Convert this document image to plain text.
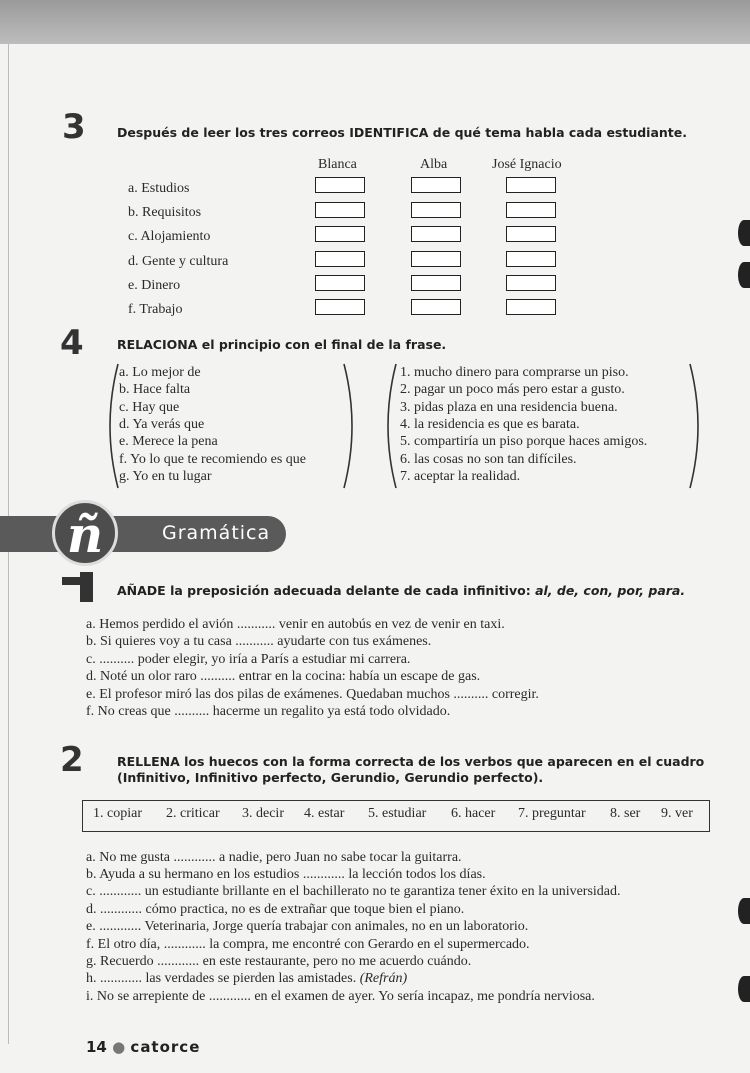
3	Después de leer los tres correos IDENTIFICA de qué tema habla cada estudiante.
Blanca	Alba	José Ignacio
a. Estudios
b. Requisitos
c. Alojamiento
d. Gente y cultura
e. Dinero
f. Trabajo
4	RELACIONA el principio con el final de la frase.
a. Lo mejor de
b. Hace falta
c. Hay que
d. Ya verás que
e. Merece la pena
f. Yo lo que te recomiendo es que
g. Yo en tu lugar
1. mucho dinero para comprarse un piso.
2. pagar un poco más pero estar a gusto.
3. pidas plaza en una residencia buena.
4. la residencia es que es barata.
5. compartiría un piso porque haces amigos.
6. las cosas no son tan difíciles.
7. aceptar la realidad.
ñ	Gramática
AÑADE la preposición adecuada delante de cada infinitivo: al, de, con, por, para.
a. Hemos perdido el avión ........... venir en autobús en vez de venir en taxi.
b. Si quieres voy a tu casa ........... ayudarte con tus exámenes.
c. .......... poder elegir, yo iría a París a estudiar mi carrera.
d. Noté un olor raro .......... entrar en la cocina: había un escape de gas.
e. El profesor miró las dos pilas de exámenes. Quedaban muchos .......... corregir.
f. No creas que .......... hacerme un regalito ya está todo olvidado.
2	RELLENA los huecos con la forma correcta de los verbos que aparecen en el cuadro
(Infinitivo, Infinitivo perfecto, Gerundio, Gerundio perfecto).
1. copiar 2. criticar 3. decir 4. estar 5. estudiar 6. hacer 7. preguntar 8. ser 9. ver
a. No me gusta ............ a nadie, pero Juan no sabe tocar la guitarra.
b. Ayuda a su hermano en los estudios ............ la lección todos los días.
c. ............ un estudiante brillante en el bachillerato no te garantiza tener éxito en la universidad.
d. ............ cómo practica, no es de extrañar que toque bien el piano.
e. ............ Veterinaria, Jorge quería trabajar con animales, no en un laboratorio.
f. El otro día, ............ la compra, me encontré con Gerardo en el supermercado.
g. Recuerdo ............ en este restaurante, pero no me acuerdo cuándo.
h. ............ las verdades se pierden las amistades. (Refrán)
i. No se arrepiente de ............ en el examen de ayer. Yo sería incapaz, me pondría nerviosa.
14 ● catorce
